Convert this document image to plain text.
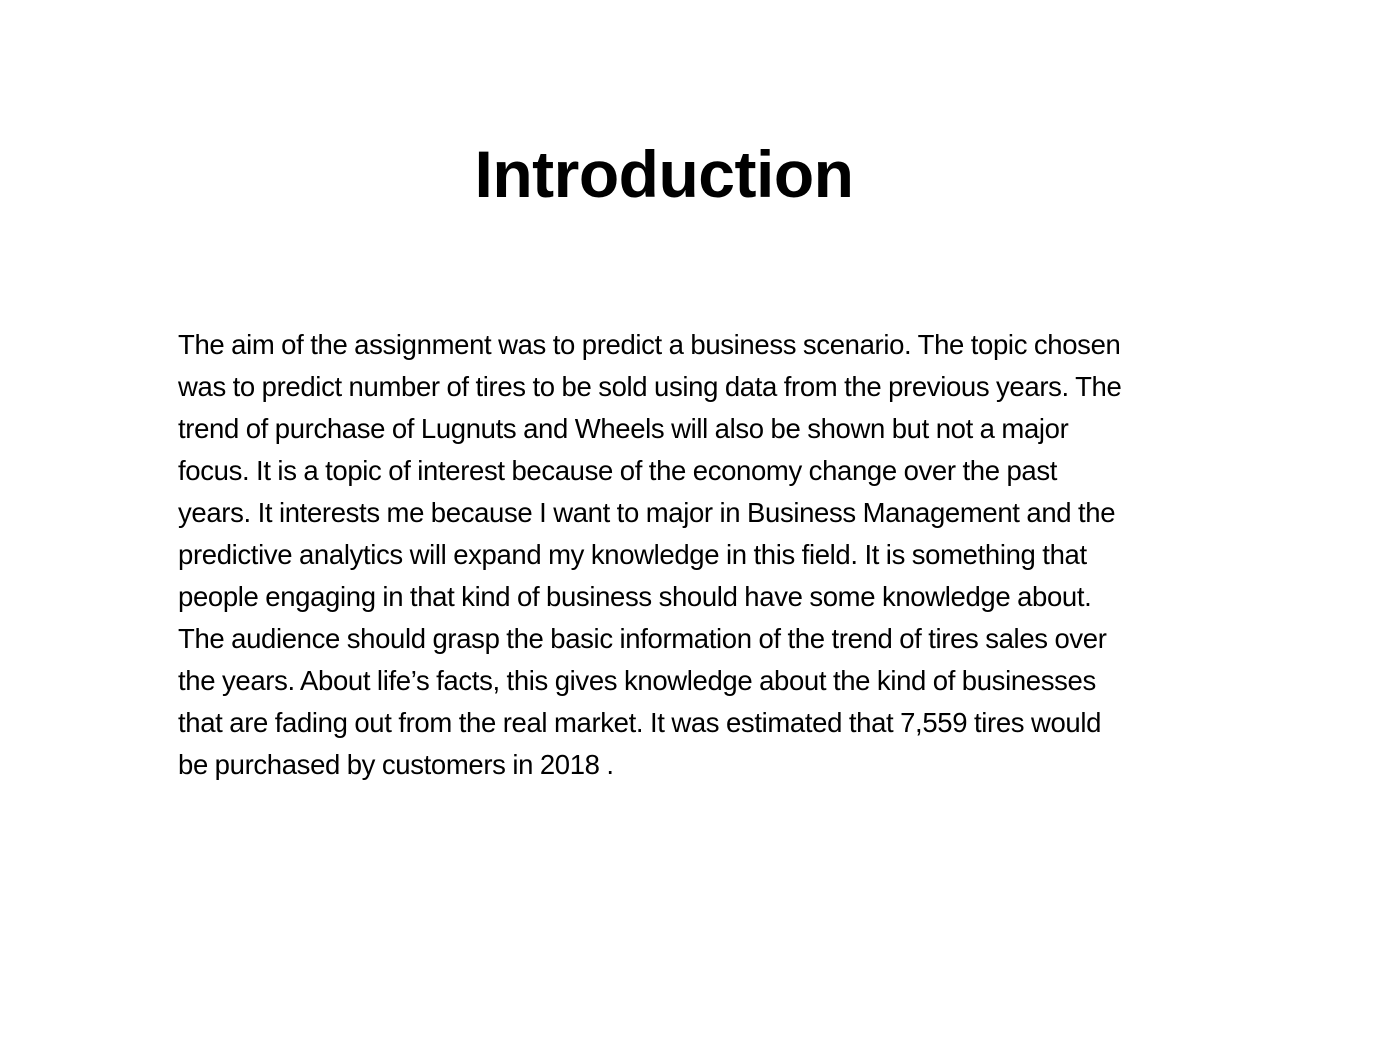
Introduction
The aim of the assignment was to predict a business scenario. The topic chosen
was to predict number of tires to be sold using data from the previous years. The
trend of purchase of Lugnuts and Wheels will also be shown but not a major
focus. It is a topic of interest because of the economy change over the past
years. It interests me because I want to major in Business Management and the
predictive analytics will expand my knowledge in this field. It is something that
people engaging in that kind of business should have some knowledge about.
The audience should grasp the basic information of the trend of tires sales over
the years. About life’s facts, this gives knowledge about the kind of businesses
that are fading out from the real market. It was estimated that 7,559 tires would
be purchased by customers in 2018 .
